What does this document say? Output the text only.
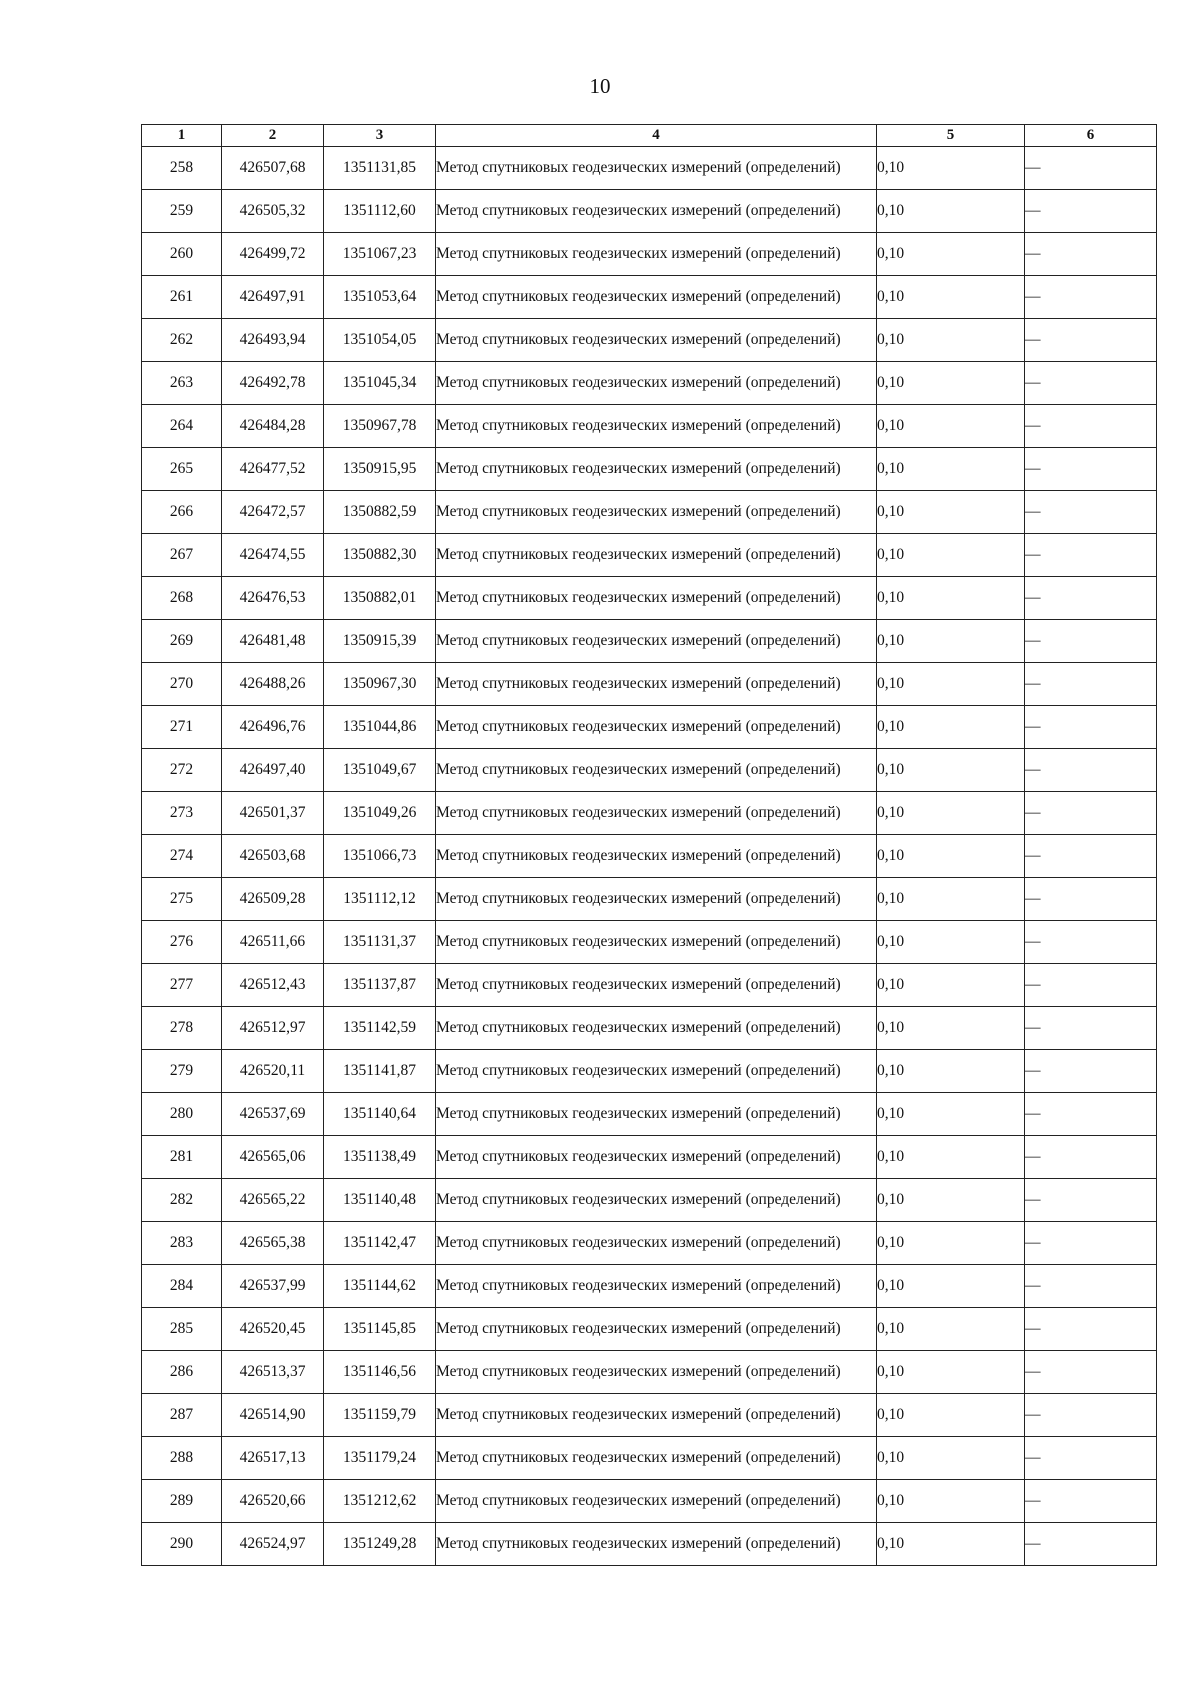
10
1	2	3	4	5	6
258	426507,68	1351131,85	Метод спутниковых геодезических измерений (определений)	0,10	—
259	426505,32	1351112,60	Метод спутниковых геодезических измерений (определений)	0,10	—
260	426499,72	1351067,23	Метод спутниковых геодезических измерений (определений)	0,10	—
261	426497,91	1351053,64	Метод спутниковых геодезических измерений (определений)	0,10	—
262	426493,94	1351054,05	Метод спутниковых геодезических измерений (определений)	0,10	—
263	426492,78	1351045,34	Метод спутниковых геодезических измерений (определений)	0,10	—
264	426484,28	1350967,78	Метод спутниковых геодезических измерений (определений)	0,10	—
265	426477,52	1350915,95	Метод спутниковых геодезических измерений (определений)	0,10	—
266	426472,57	1350882,59	Метод спутниковых геодезических измерений (определений)	0,10	—
267	426474,55	1350882,30	Метод спутниковых геодезических измерений (определений)	0,10	—
268	426476,53	1350882,01	Метод спутниковых геодезических измерений (определений)	0,10	—
269	426481,48	1350915,39	Метод спутниковых геодезических измерений (определений)	0,10	—
270	426488,26	1350967,30	Метод спутниковых геодезических измерений (определений)	0,10	—
271	426496,76	1351044,86	Метод спутниковых геодезических измерений (определений)	0,10	—
272	426497,40	1351049,67	Метод спутниковых геодезических измерений (определений)	0,10	—
273	426501,37	1351049,26	Метод спутниковых геодезических измерений (определений)	0,10	—
274	426503,68	1351066,73	Метод спутниковых геодезических измерений (определений)	0,10	—
275	426509,28	1351112,12	Метод спутниковых геодезических измерений (определений)	0,10	—
276	426511,66	1351131,37	Метод спутниковых геодезических измерений (определений)	0,10	—
277	426512,43	1351137,87	Метод спутниковых геодезических измерений (определений)	0,10	—
278	426512,97	1351142,59	Метод спутниковых геодезических измерений (определений)	0,10	—
279	426520,11	1351141,87	Метод спутниковых геодезических измерений (определений)	0,10	—
280	426537,69	1351140,64	Метод спутниковых геодезических измерений (определений)	0,10	—
281	426565,06	1351138,49	Метод спутниковых геодезических измерений (определений)	0,10	—
282	426565,22	1351140,48	Метод спутниковых геодезических измерений (определений)	0,10	—
283	426565,38	1351142,47	Метод спутниковых геодезических измерений (определений)	0,10	—
284	426537,99	1351144,62	Метод спутниковых геодезических измерений (определений)	0,10	—
285	426520,45	1351145,85	Метод спутниковых геодезических измерений (определений)	0,10	—
286	426513,37	1351146,56	Метод спутниковых геодезических измерений (определений)	0,10	—
287	426514,90	1351159,79	Метод спутниковых геодезических измерений (определений)	0,10	—
288	426517,13	1351179,24	Метод спутниковых геодезических измерений (определений)	0,10	—
289	426520,66	1351212,62	Метод спутниковых геодезических измерений (определений)	0,10	—
290	426524,97	1351249,28	Метод спутниковых геодезических измерений (определений)	0,10	—
